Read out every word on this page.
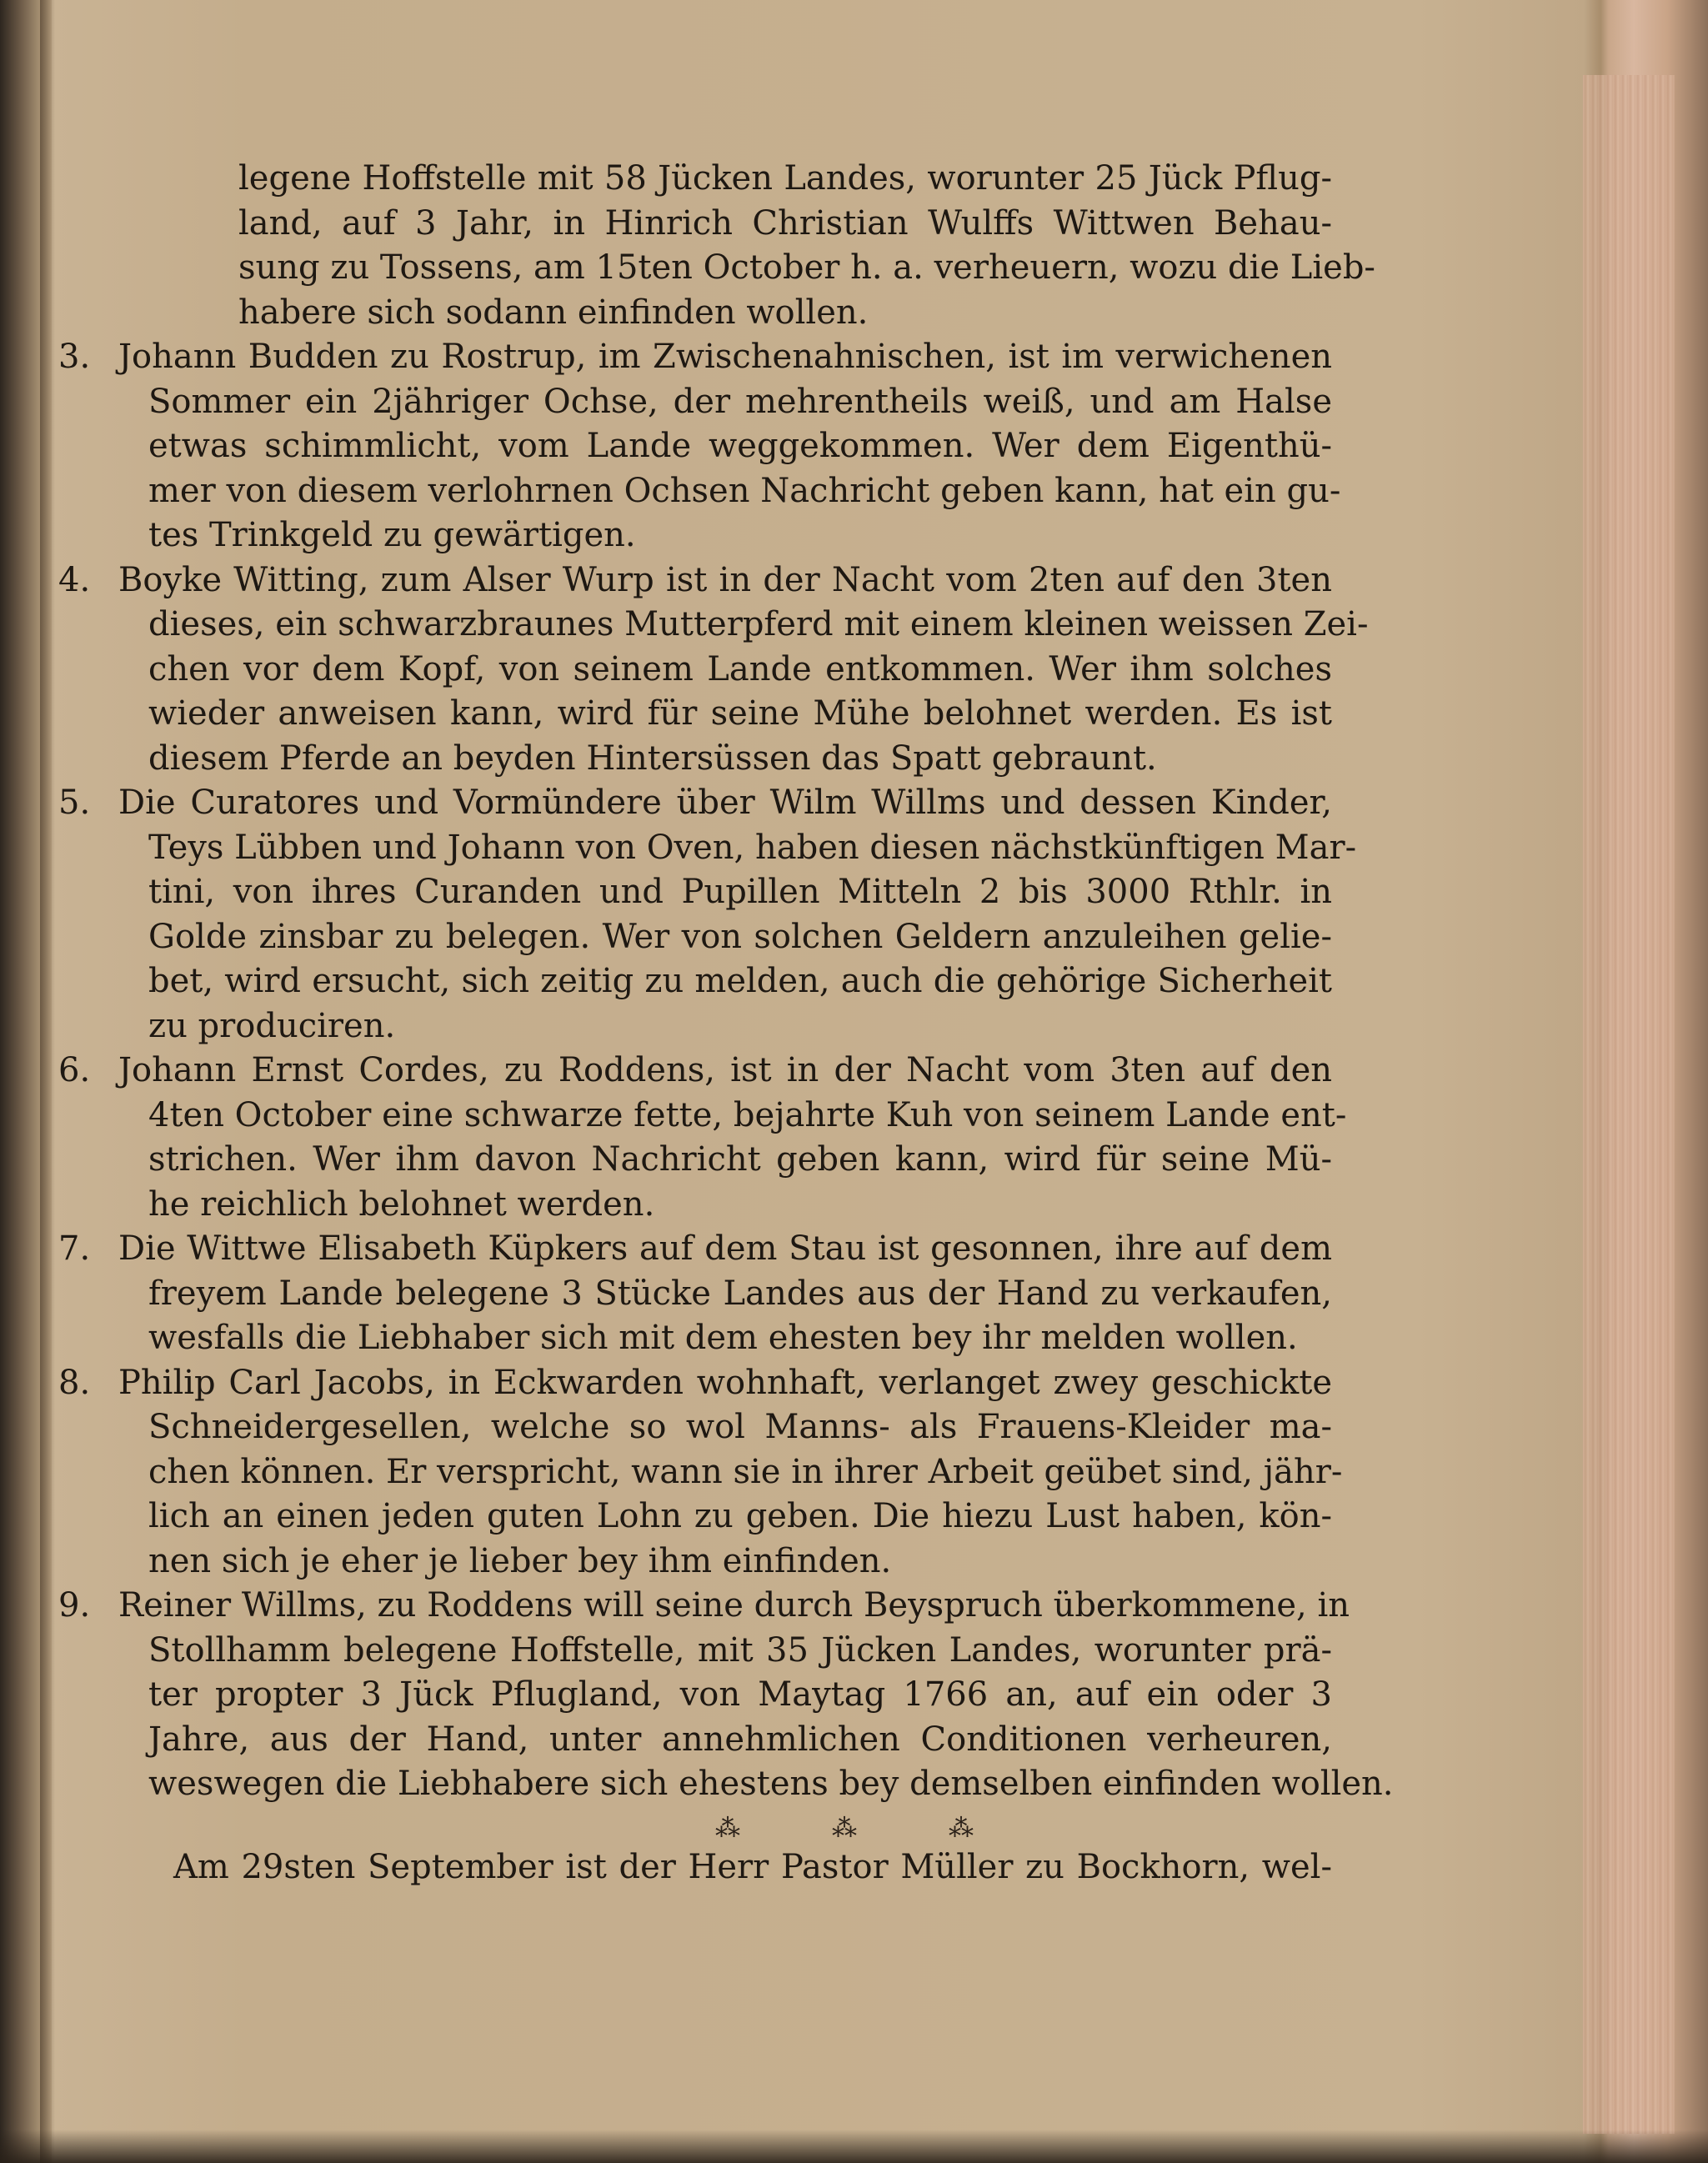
legene Hoffstelle mit 58 Jücken Landes, worunter 25 Jück Pflug-
land, auf 3 Jahr, in Hinrich Christian Wulffs Wittwen Behau-
sung zu Tossens, am 15ten October h. a. verheuern, wozu die Lieb-
habere sich sodann einfinden wollen.
3. Johann Budden zu Rostrup, im Zwischenahnischen, ist im verwichenen
Sommer ein 2jähriger Ochse, der mehrentheils weiß, und am Halse
etwas schimmlicht, vom Lande weggekommen. Wer dem Eigenthü-
mer von diesem verlohrnen Ochsen Nachricht geben kann, hat ein gu-
tes Trinkgeld zu gewärtigen.
4. Boyke Witting, zum Alser Wurp ist in der Nacht vom 2ten auf den 3ten
dieses, ein schwarzbraunes Mutterpferd mit einem kleinen weissen Zei-
chen vor dem Kopf, von seinem Lande entkommen. Wer ihm solches
wieder anweisen kann, wird für seine Mühe belohnet werden. Es ist
diesem Pferde an beyden Hintersüssen das Spatt gebraunt.
5. Die Curatores und Vormündere über Wilm Willms und dessen Kinder,
Teys Lübben und Johann von Oven, haben diesen nächstkünftigen Mar-
tini, von ihres Curanden und Pupillen Mitteln 2 bis 3000 Rthlr. in
Golde zinsbar zu belegen. Wer von solchen Geldern anzuleihen gelie-
bet, wird ersucht, sich zeitig zu melden, auch die gehörige Sicherheit
zu produciren.
6. Johann Ernst Cordes, zu Roddens, ist in der Nacht vom 3ten auf den
4ten October eine schwarze fette, bejahrte Kuh von seinem Lande ent-
strichen. Wer ihm davon Nachricht geben kann, wird für seine Mü-
he reichlich belohnet werden.
7. Die Wittwe Elisabeth Küpkers auf dem Stau ist gesonnen, ihre auf dem
freyem Lande belegene 3 Stücke Landes aus der Hand zu verkaufen,
wesfalls die Liebhaber sich mit dem ehesten bey ihr melden wollen.
8. Philip Carl Jacobs, in Eckwarden wohnhaft, verlanget zwey geschickte
Schneidergesellen, welche so wol Manns- als Frauens-Kleider ma-
chen können. Er verspricht, wann sie in ihrer Arbeit geübet sind, jähr-
lich an einen jeden guten Lohn zu geben. Die hiezu Lust haben, kön-
nen sich je eher je lieber bey ihm einfinden.
9. Reiner Willms, zu Roddens will seine durch Beyspruch überkommene, in
Stollhamm belegene Hoffstelle, mit 35 Jücken Landes, worunter prä-
ter propter 3 Jück Pflugland, von Maytag 1766 an, auf ein oder 3
Jahre, aus der Hand, unter annehmlichen Conditionen verheuren,
weswegen die Liebhabere sich ehestens bey demselben einfinden wollen.
⁂	⁂	⁂
Am 29sten September ist der Herr Pastor Müller zu Bockhorn, wel-
